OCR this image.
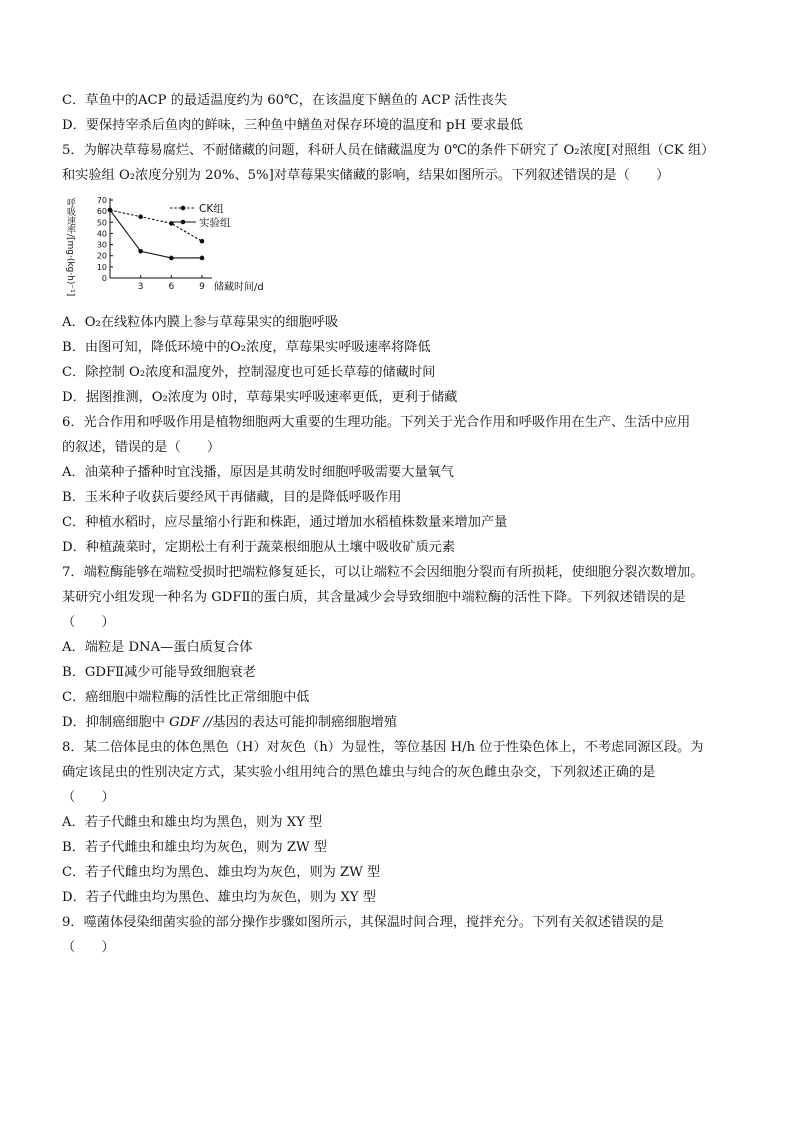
C．草鱼中的ACP 的最适温度约为 60℃，在该温度下鳝鱼的 ACP 活性丧失
D．要保持宰杀后鱼肉的鲜味，三种鱼中鳝鱼对保存环境的温度和 pH 要求最低
5．为解决草莓易腐烂、不耐储藏的问题，科研人员在储藏温度为 0℃的条件下研究了 O₂浓度[对照组（CK 组）
和实验组 O₂浓度分别为 20%、5%]对草莓果实储藏的影响，结果如图所示。下列叙述错误的是（　　）
呼吸速率/[mg·(kg·h)⁻¹]	0
10
20
30
40
50
60
70
3	6	9 储藏时间/d
CK组
实验组
A．O₂在线粒体内膜上参与草莓果实的细胞呼吸
B．由图可知，降低环境中的O₂浓度，草莓果实呼吸速率将降低
C．除控制 O₂浓度和温度外，控制湿度也可延长草莓的储藏时间
D．据图推测，O₂浓度为 0时，草莓果实呼吸速率更低，更利于储藏
6．光合作用和呼吸作用是植物细胞两大重要的生理功能。下列关于光合作用和呼吸作用在生产、生活中应用
的叙述，错误的是（　　）
A．油菜种子播种时宜浅播，原因是其萌发时细胞呼吸需要大量氧气
B．玉米种子收获后要经风干再储藏，目的是降低呼吸作用
C．种植水稻时，应尽量缩小行距和株距，通过增加水稻植株数量来增加产量
D．种植蔬菜时，定期松土有利于蔬菜根细胞从土壤中吸收矿质元素
7．端粒酶能够在端粒受损时把端粒修复延长，可以让端粒不会因细胞分裂而有所损耗，使细胞分裂次数增加。
某研究小组发现一种名为 GDFⅡ的蛋白质，其含量减少会导致细胞中端粒酶的活性下降。下列叙述错误的是
（　　）
A．端粒是 DNA—蛋白质复合体
B．GDFⅡ减少可能导致细胞衰老
C．癌细胞中端粒酶的活性比正常细胞中低
D．抑制癌细胞中 GDF //基因的表达可能抑制癌细胞增殖
8．某二倍体昆虫的体色黑色（H）对灰色（h）为显性，等位基因 H/h 位于性染色体上，不考虑同源区段。为
确定该昆虫的性别决定方式，某实验小组用纯合的黑色雄虫与纯合的灰色雌虫杂交，下列叙述正确的是
（　　）
A．若子代雌虫和雄虫均为黑色，则为 XY 型
B．若子代雌虫和雄虫均为灰色，则为 ZW 型
C．若子代雌虫均为黑色、雄虫均为灰色，则为 ZW 型
D．若子代雌虫均为黑色、雄虫均为灰色，则为 XY 型
9．噬菌体侵染细菌实验的部分操作步骤如图所示，其保温时间合理，搅拌充分。下列有关叙述错误的是
（　　）
